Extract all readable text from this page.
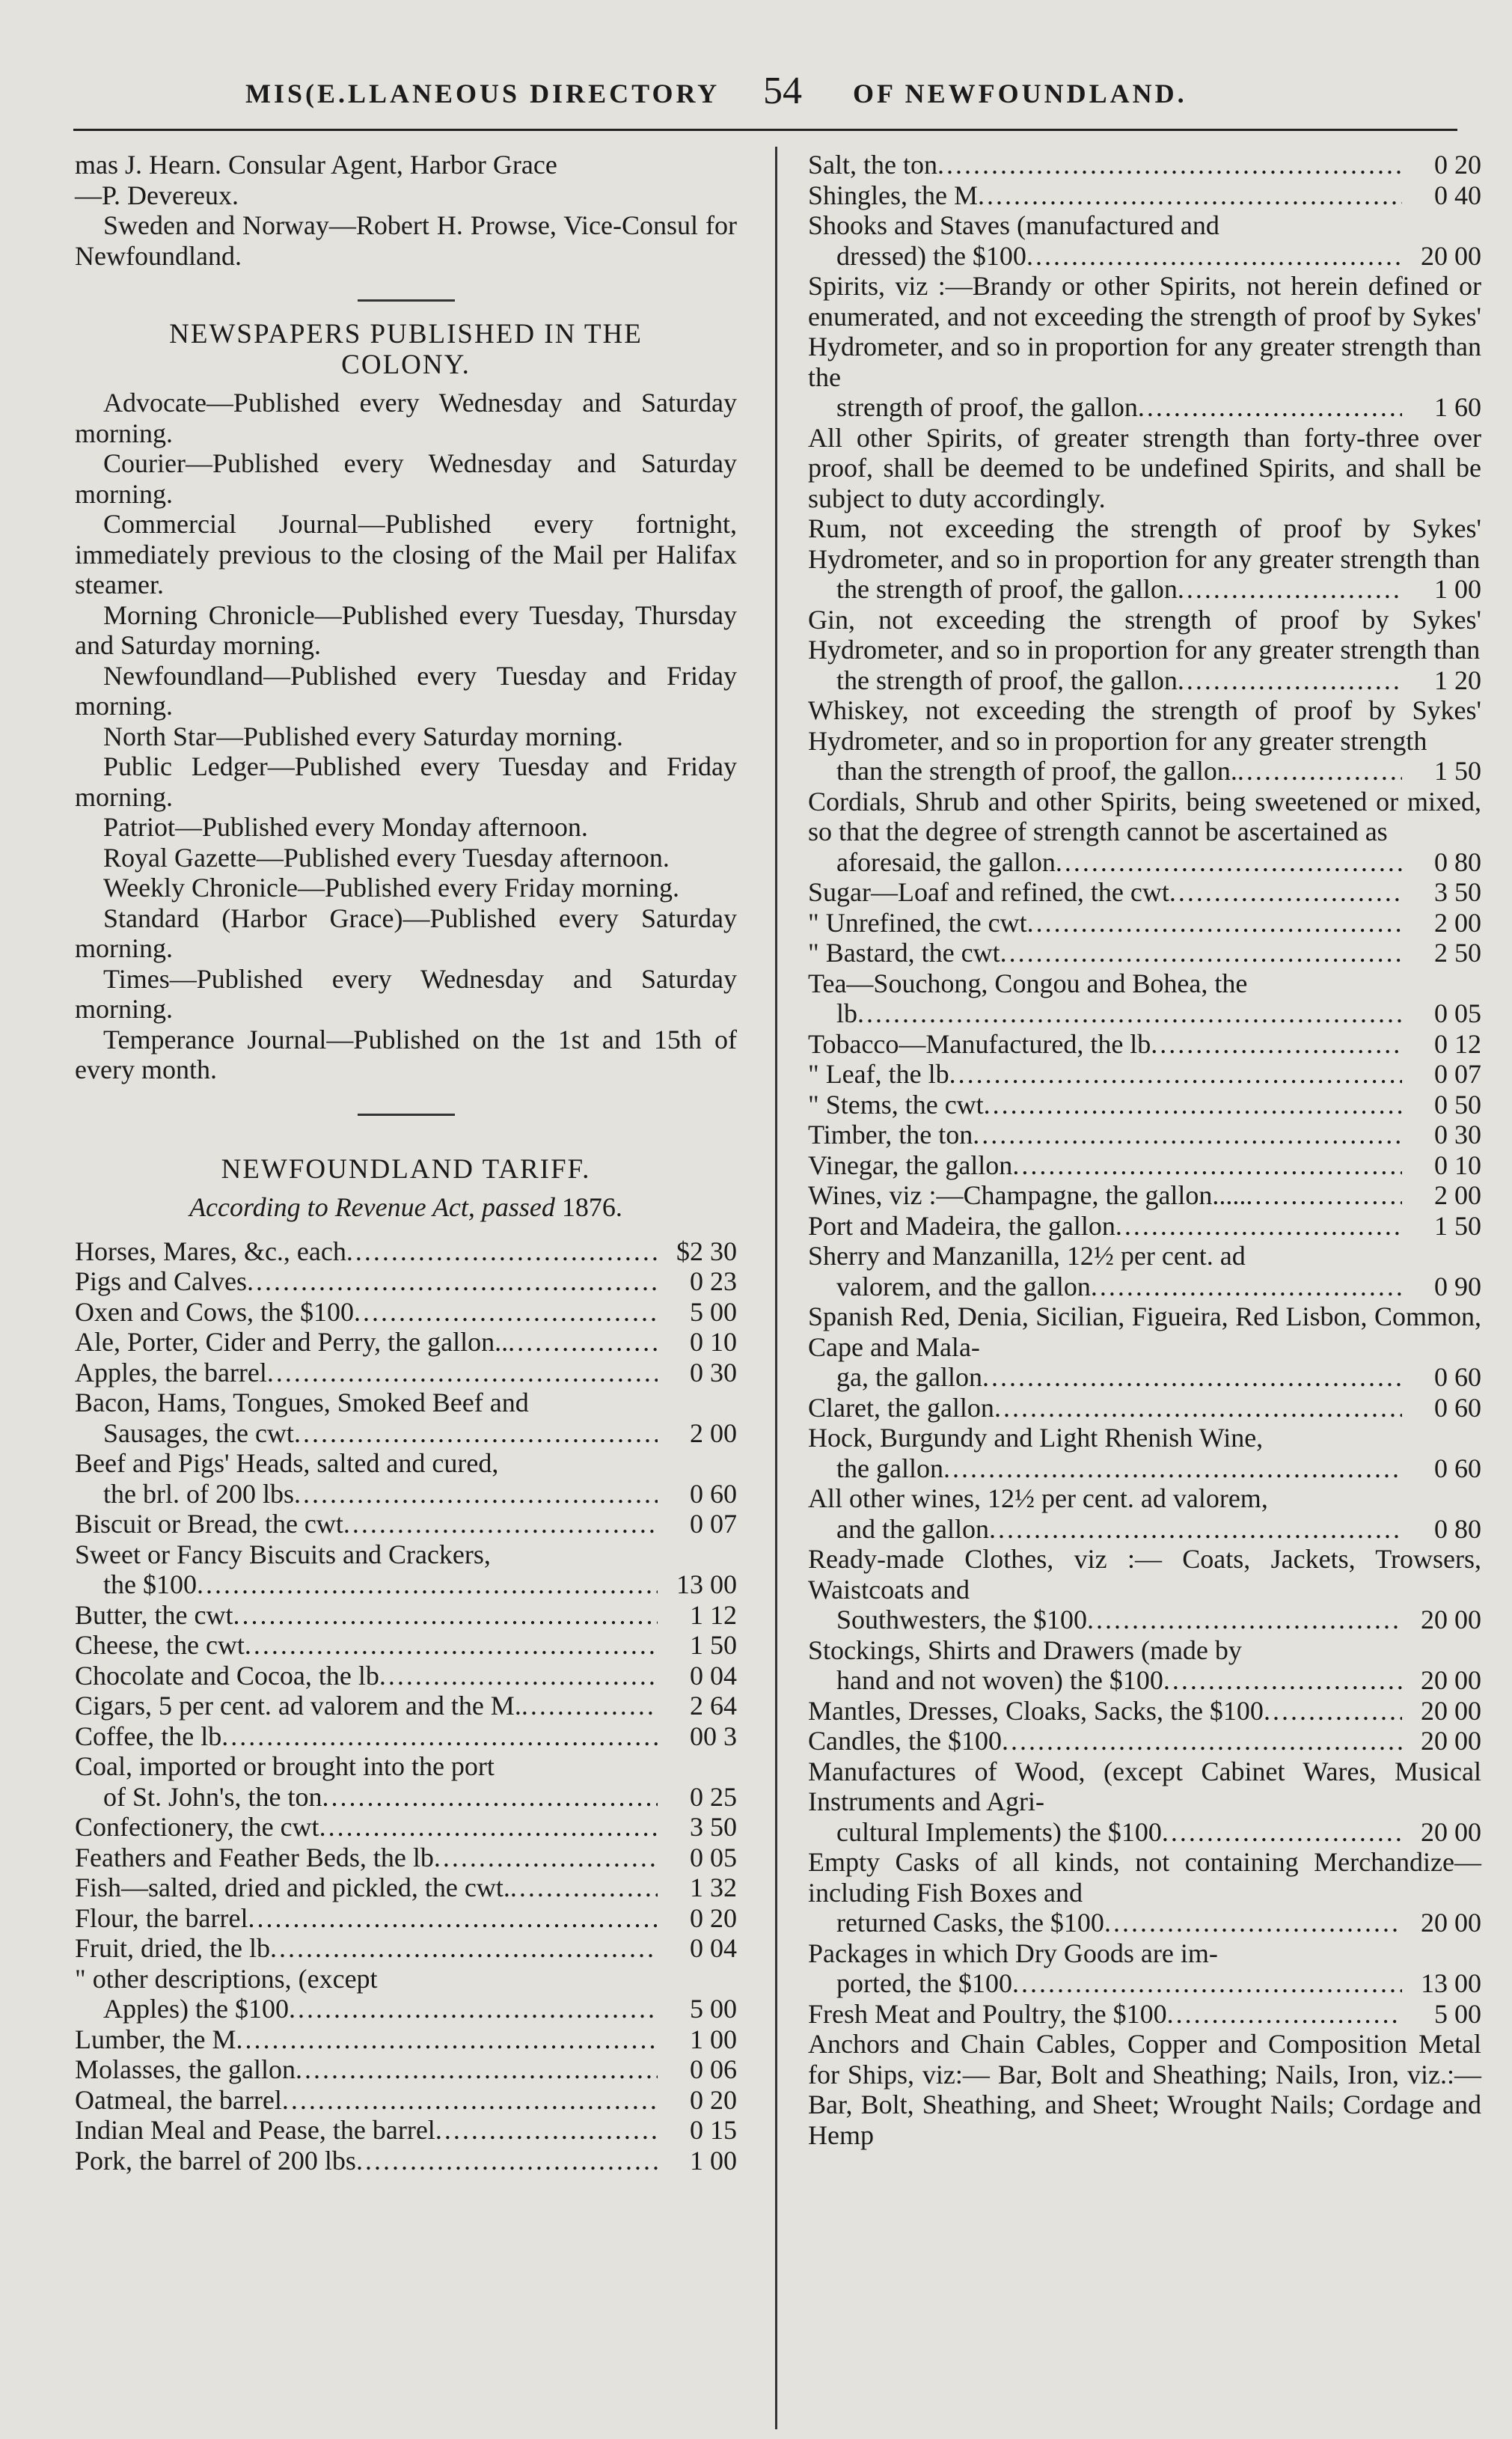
MIS(E.LLANEOUS DIRECTORY 54 OF NEWFOUNDLAND.
mas J. Hearn. Consular Agent, Harbor Grace
—P. Devereux.
Sweden and Norway—Robert H. Prowse, Vice-Consul for Newfoundland.
NEWSPAPERS PUBLISHED IN THE
COLONY.
Advocate—Published every Wednesday and Saturday morning.
Courier—Published every Wednesday and Saturday morning.
Commercial Journal—Published every fortnight, immediately previous to the closing of the Mail per Halifax steamer.
Morning Chronicle—Published every Tuesday, Thursday and Saturday morning.
Newfoundland—Published every Tuesday and Friday morning.
North Star—Published every Saturday morning.
Public Ledger—Published every Tuesday and Friday morning.
Patriot—Published every Monday afternoon.
Royal Gazette—Published every Tuesday afternoon.
Weekly Chronicle—Published every Friday morning.
Standard (Harbor Grace)—Published every Saturday morning.
Times—Published every Wednesday and Saturday morning.
Temperance Journal—Published on the 1st and 15th of every month.
NEWFOUNDLAND TARIFF.
According to Revenue Act, passed 1876.
Horses, Mares, &c., each .....	$2 30
Pigs and Calves .....	0 23
Oxen and Cows, the $100 .....	5 00
Ale, Porter, Cider and Perry, the gallon.. .....	0 10
Apples, the barrel .....	0 30
Bacon, Hams, Tongues, Smoked Beef and
Sausages, the cwt .....	2 00
Beef and Pigs' Heads, salted and cured,
the brl. of 200 lbs .....	0 60
Biscuit or Bread, the cwt .....	0 07
Sweet or Fancy Biscuits and Crackers,
the $100 .....	13 00
Butter, the cwt .....	1 12
Cheese, the cwt .....	1 50
Chocolate and Cocoa, the lb .....	0 04
Cigars, 5 per cent. ad valorem and the M. .....	2 64
Coffee, the lb .....	00 3
Coal, imported or brought into the port
of St. John's, the ton .....	0 25
Confectionery, the cwt .....	3 50
Feathers and Feather Beds, the lb .....	0 05
Fish—salted, dried and pickled, the cwt. .....	1 32
Flour, the barrel .....	0 20
Fruit, dried, the lb .....	0 04
" other descriptions, (except
Apples) the $100 .....	5 00
Lumber, the M .....	1 00
Molasses, the gallon .....	0 06
Oatmeal, the barrel .....	0 20
Indian Meal and Pease, the barrel .....	0 15
Pork, the barrel of 200 lbs .....	1 00
Salt, the ton .....	0 20
Shingles, the M .....	0 40
Shooks and Staves (manufactured and
dressed) the $100 .....	20 00
Spirits, viz :—Brandy or other Spirits, not herein defined or enumerated, and not exceeding the strength of proof by Sykes' Hydrometer, and so in proportion for any greater strength than the
strength of proof, the gallon .....	1 60
All other Spirits, of greater strength than forty-three over proof, shall be deemed to be undefined Spirits, and shall be subject to duty accordingly.
Rum, not exceeding the strength of proof by Sykes' Hydrometer, and so in proportion for any greater strength than
the strength of proof, the gallon .....	1 00
Gin, not exceeding the strength of proof by Sykes' Hydrometer, and so in proportion for any greater strength than
the strength of proof, the gallon .....	1 20
Whiskey, not exceeding the strength of proof by Sykes' Hydrometer, and so in proportion for any greater strength
than the strength of proof, the gallon. .....	1 50
Cordials, Shrub and other Spirits, being sweetened or mixed, so that the degree of strength cannot be ascertained as
aforesaid, the gallon .....	0 80
Sugar—Loaf and refined, the cwt .....	3 50
" Unrefined, the cwt .....	2 00
" Bastard, the cwt .....	2 50
Tea—Souchong, Congou and Bohea, the
lb .....	0 05
Tobacco—Manufactured, the lb .....	0 12
" Leaf, the lb .....	0 07
" Stems, the cwt .....	0 50
Timber, the ton .....	0 30
Vinegar, the gallon .....	0 10
Wines, viz :—Champagne, the gallon..... .....	2 00
Port and Madeira, the gallon .....	1 50
Sherry and Manzanilla, 12½ per cent. ad
valorem, and the gallon .....	0 90
Spanish Red, Denia, Sicilian, Figueira, Red Lisbon, Common, Cape and Mala-
ga, the gallon .....	0 60
Claret, the gallon .....	0 60
Hock, Burgundy and Light Rhenish Wine,
the gallon .....	0 60
All other wines, 12½ per cent. ad valorem,
and the gallon .....	0 80
Ready-made Clothes, viz :— Coats, Jackets, Trowsers, Waistcoats and
Southwesters, the $100 .....	20 00
Stockings, Shirts and Drawers (made by
hand and not woven) the $100 .....	20 00
Mantles, Dresses, Cloaks, Sacks, the $100 .....	20 00
Candles, the $100 .....	20 00
Manufactures of Wood, (except Cabinet Wares, Musical Instruments and Agri-
cultural Implements) the $100 .....	20 00
Empty Casks of all kinds, not containing Merchandize—including Fish Boxes and
returned Casks, the $100 .....	20 00
Packages in which Dry Goods are im-
ported, the $100 .....	13 00
Fresh Meat and Poultry, the $100 .....	5 00
Anchors and Chain Cables, Copper and Composition Metal for Ships, viz:— Bar, Bolt and Sheathing; Nails, Iron, viz.:—Bar, Bolt, Sheathing, and Sheet; Wrought Nails; Cordage and Hemp
